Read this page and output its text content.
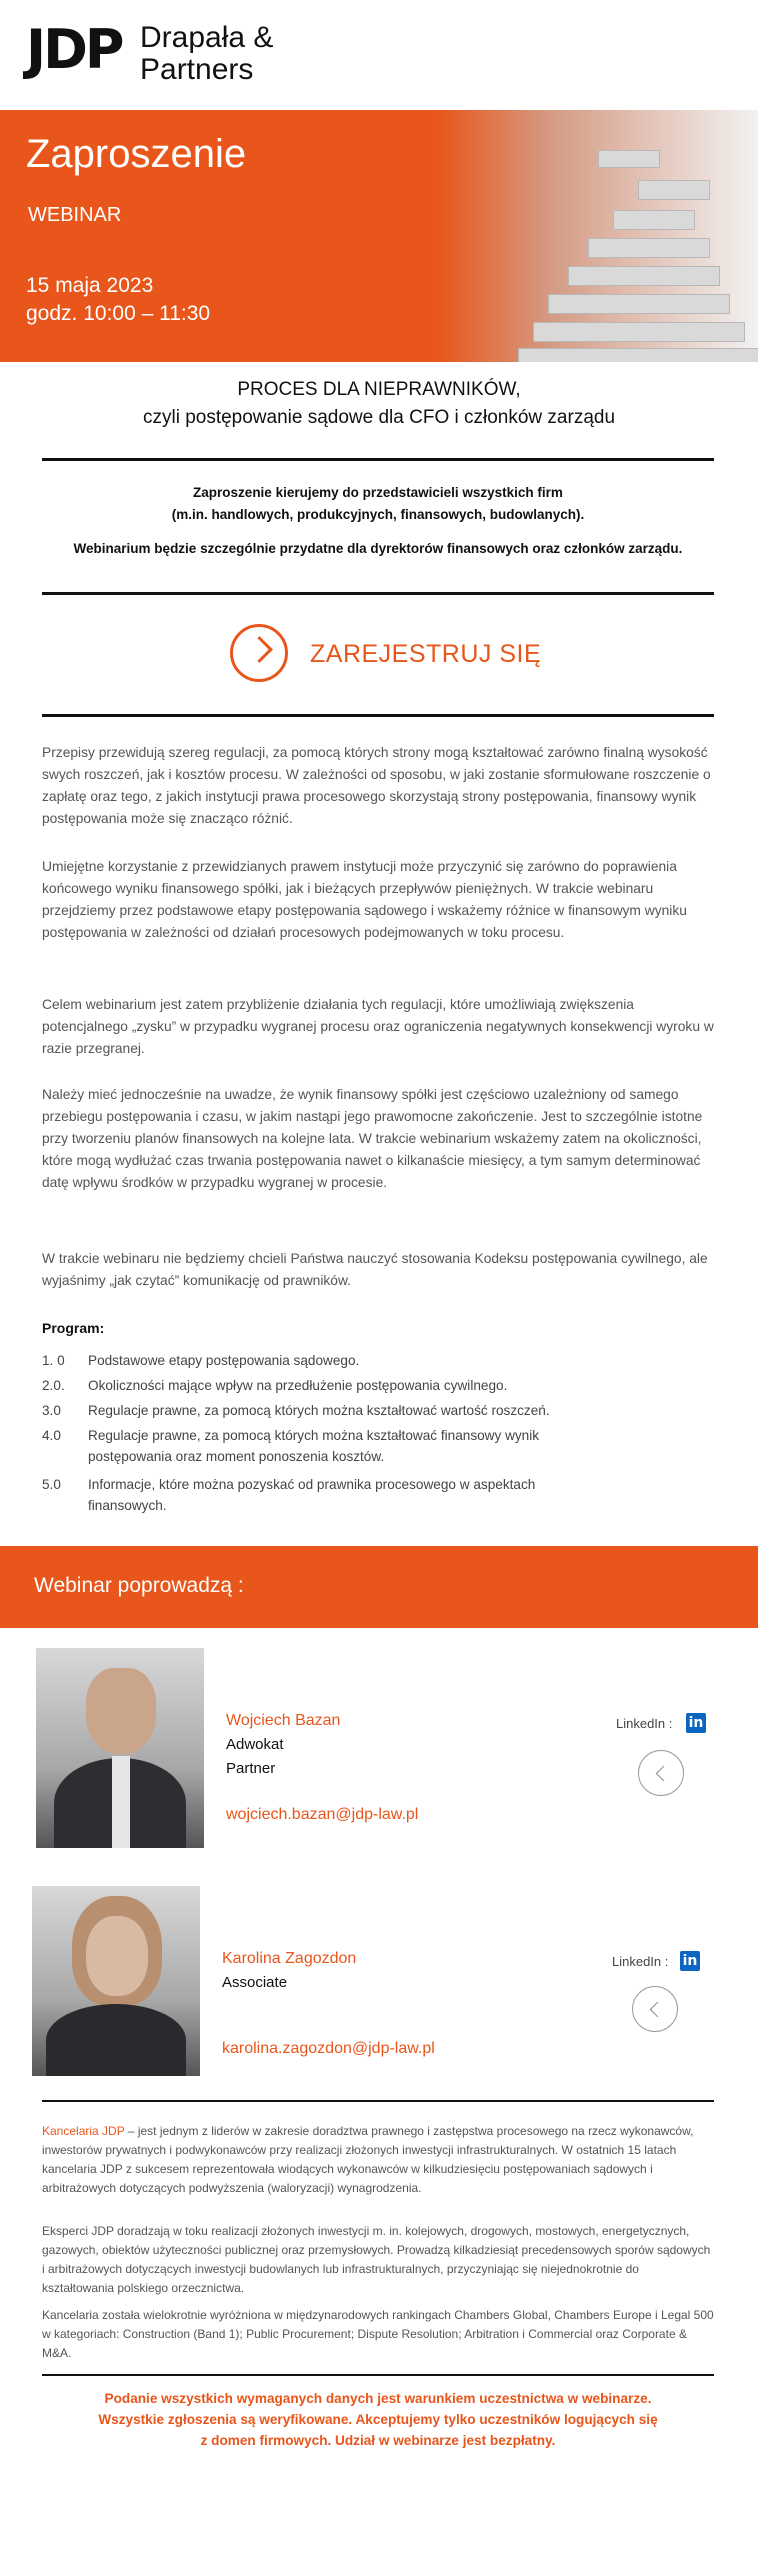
JDP Drapała &
Partners
Zaproszenie
WEBINAR
15 maja 2023
godz. 10:00 – 11:30
PROCES DLA NIEPRAWNIKÓW,
czyli postępowanie sądowe dla CFO i członków zarządu
Zaproszenie kierujemy do przedstawicieli wszystkich firm
(m.in. handlowych, produkcyjnych, finansowych, budowlanych).
Webinarium będzie szczególnie przydatne dla dyrektorów finansowych oraz członków zarządu.
ZAREJESTRUJ SIĘ
Przepisy przewidują szereg regulacji, za pomocą których strony mogą kształtować zarówno finalną wysokość swych roszczeń, jak i kosztów procesu. W zależności od sposobu, w jaki zostanie sformułowane roszczenie o zapłatę oraz tego, z jakich instytucji prawa procesowego skorzystają strony postępowania, finansowy wynik postępowania może się znacząco różnić.
Umiejętne korzystanie z przewidzianych prawem instytucji może przyczynić się zarówno do poprawienia końcowego wyniku finansowego spółki, jak i bieżących przepływów pieniężnych. W trakcie webinaru przejdziemy przez podstawowe etapy postępowania sądowego i wskażemy różnice w finansowym wyniku postępowania w zależności od działań procesowych podejmowanych w toku procesu.
Celem webinarium jest zatem przybliżenie działania tych regulacji, które umożliwiają zwiększenia potencjalnego „zysku” w przypadku wygranej procesu oraz ograniczenia negatywnych konsekwencji wyroku w razie przegranej.
Należy mieć jednocześnie na uwadze, że wynik finansowy spółki jest częściowo uzależniony od samego przebiegu postępowania i czasu, w jakim nastąpi jego prawomocne zakończenie. Jest to szczególnie istotne przy tworzeniu planów finansowych na kolejne lata. W trakcie webinarium wskażemy zatem na okoliczności, które mogą wydłużać czas trwania postępowania nawet o kilkanaście miesięcy, a tym samym determinować datę wpływu środków w przypadku wygranej w procesie.
W trakcie webinaru nie będziemy chcieli Państwa nauczyć stosowania Kodeksu postępowania cywilnego, ale wyjaśnimy „jak czytać” komunikację od prawników.
Program:
1. 0 Podstawowe etapy postępowania sądowego.
2.0. Okoliczności mające wpływ na przedłużenie postępowania cywilnego.
3.0 Regulacje prawne, za pomocą których można kształtować wartość roszczeń.
4.0 Regulacje prawne, za pomocą których można kształtować finansowy wynik
postępowania oraz moment ponoszenia kosztów.
5.0 Informacje, które można pozyskać od prawnika procesowego w aspektach
finansowych.
Webinar poprowadzą :
Wojciech Bazan
Adwokat
Partner
wojciech.bazan@jdp-law.pl
LinkedIn : in
Karolina Zagozdon
Associate
karolina.zagozdon@jdp-law.pl
LinkedIn : in
Kancelaria JDP – jest jednym z liderów w zakresie doradztwa prawnego i zastępstwa procesowego na rzecz wykonawców, inwestorów prywatnych i podwykonawców przy realizacji złożonych inwestycji infrastrukturalnych. W ostatnich 15 latach kancelaria JDP z sukcesem reprezentowała wiodących wykonawców w kilkudziesięciu postępowaniach sądowych i arbitrażowych dotyczących podwyższenia (waloryzacji) wynagrodzenia.
Eksperci JDP doradzają w toku realizacji złożonych inwestycji m. in. kolejowych, drogowych, mostowych, energetycznych, gazowych, obiektów użyteczności publicznej oraz przemysłowych. Prowadzą kilkadziesiąt precedensowych sporów sądowych i arbitrażowych dotyczących inwestycji budowlanych lub infrastrukturalnych, przyczyniając się niejednokrotnie do kształtowania polskiego orzecznictwa.
Kancelaria została wielokrotnie wyróżniona w międzynarodowych rankingach Chambers Global, Chambers Europe i Legal 500 w kategoriach: Construction (Band 1); Public Procurement; Dispute Resolution; Arbitration i Commercial oraz Corporate & M&A.
Podanie wszystkich wymaganych danych jest warunkiem uczestnictwa w webinarze.
Wszystkie zgłoszenia są weryfikowane. Akceptujemy tylko uczestników logujących się
z domen firmowych. Udział w webinarze jest bezpłatny.
